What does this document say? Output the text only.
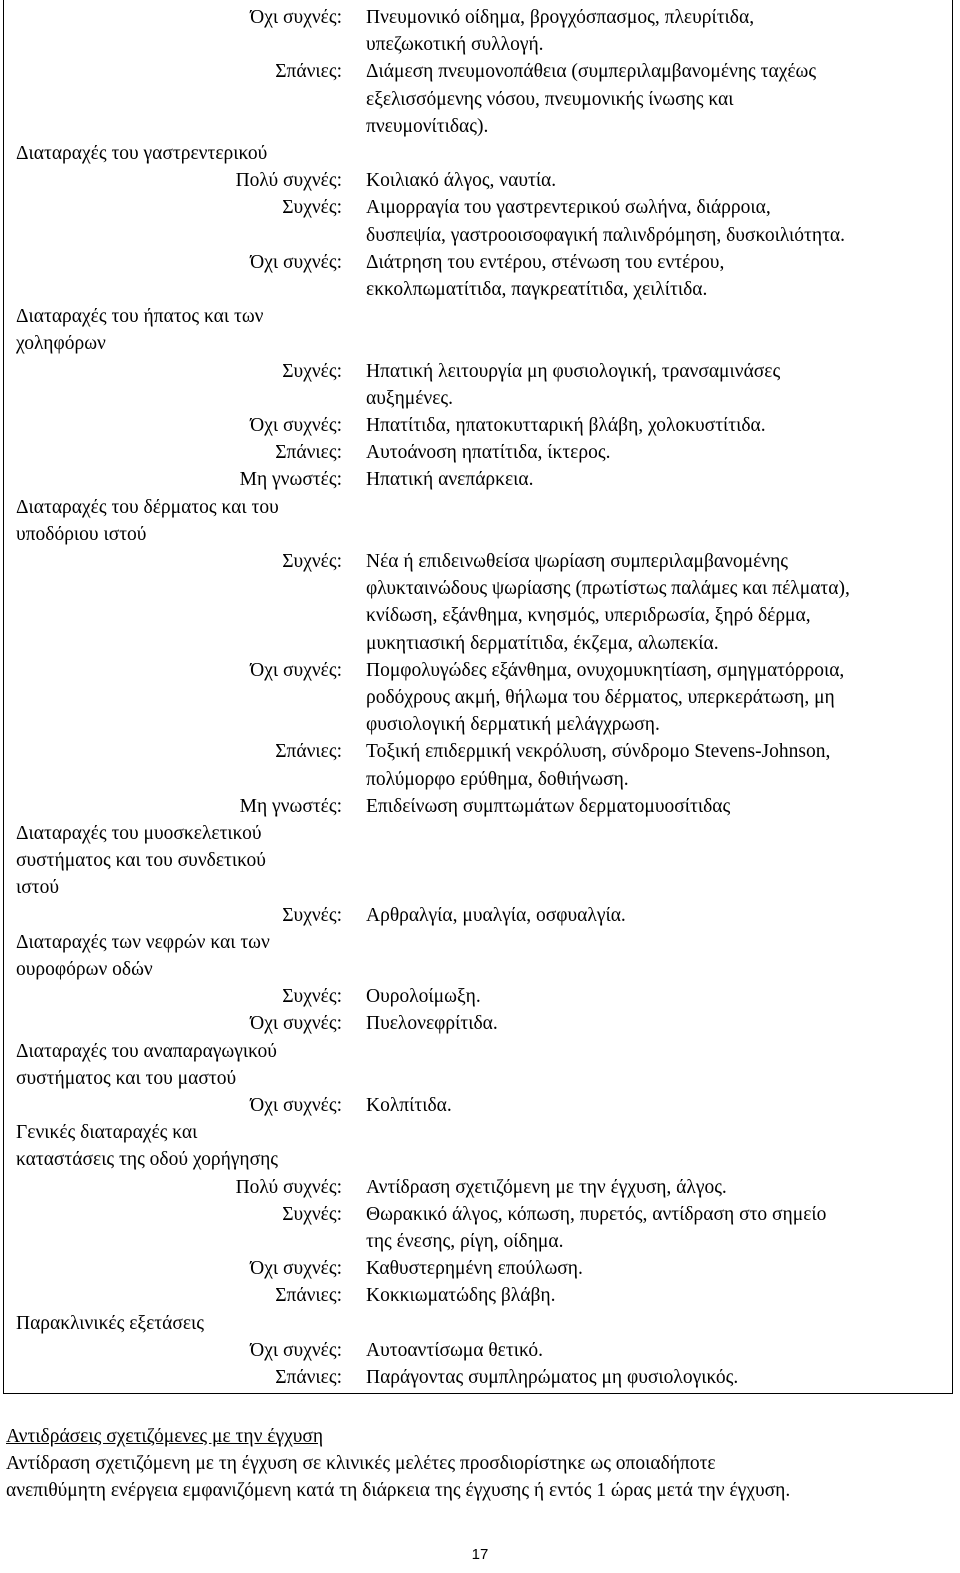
Όχι συχνές: Πνευμονικό οίδημα, βρογχόσπασμος, πλευρίτιδα,
υπεζωκοτική συλλογή.
Σπάνιες: Διάμεση πνευμονοπάθεια (συμπεριλαμβανομένης ταχέως
εξελισσόμενης νόσου, πνευμονικής ίνωσης και
πνευμονίτιδας).
Διαταραχές του γαστρεντερικού
Πολύ συχνές: Κοιλιακό άλγος, ναυτία.
Συχνές: Αιμορραγία του γαστρεντερικού σωλήνα, διάρροια,
δυσπεψία, γαστροοισοφαγική παλινδρόμηση, δυσκοιλιότητα.
Όχι συχνές: Διάτρηση του εντέρου, στένωση του εντέρου,
εκκολπωματίτιδα, παγκρεατίτιδα, χειλίτιδα.
Διαταραχές του ήπατος και των
χοληφόρων
Συχνές: Ηπατική λειτουργία μη φυσιολογική, τρανσαμινάσες
αυξημένες.
Όχι συχνές: Ηπατίτιδα, ηπατοκυτταρική βλάβη, χολοκυστίτιδα.
Σπάνιες: Αυτοάνοση ηπατίτιδα, ίκτερος.
Μη γνωστές: Ηπατική ανεπάρκεια.
Διαταραχές του δέρματος και του
υποδόριου ιστού
Συχνές: Νέα ή επιδεινωθείσα ψωρίαση συμπεριλαμβανομένης
φλυκταινώδους ψωρίασης (πρωτίστως παλάμες και πέλματα),
κνίδωση, εξάνθημα, κνησμός, υπεριδρωσία, ξηρό δέρμα,
μυκητιασική δερματίτιδα, έκζεμα, αλωπεκία.
Όχι συχνές: Πομφολυγώδες εξάνθημα, ονυχομυκητίαση, σμηγματόρροια,
ροδόχρους ακμή, θήλωμα του δέρματος, υπερκεράτωση, μη
φυσιολογική δερματική μελάγχρωση.
Σπάνιες: Τοξική επιδερμική νεκρόλυση, σύνδρομο Stevens-Johnson,
πολύμορφο ερύθημα, δοθιήνωση.
Μη γνωστές: Επιδείνωση συμπτωμάτων δερματομυοσίτιδας
Διαταραχές του μυοσκελετικού
συστήματος και του συνδετικού
ιστού
Συχνές: Αρθραλγία, μυαλγία, οσφυαλγία.
Διαταραχές των νεφρών και των
ουροφόρων οδών
Συχνές: Ουρολοίμωξη.
Όχι συχνές: Πυελονεφρίτιδα.
Διαταραχές του αναπαραγωγικού
συστήματος και του μαστού
Όχι συχνές: Κολπίτιδα.
Γενικές διαταραχές και
καταστάσεις της οδού χορήγησης
Πολύ συχνές: Αντίδραση σχετιζόμενη με την έγχυση, άλγος.
Συχνές: Θωρακικό άλγος, κόπωση, πυρετός, αντίδραση στο σημείο
της ένεσης, ρίγη, οίδημα.
Όχι συχνές: Καθυστερημένη επούλωση.
Σπάνιες: Κοκκιωματώδης βλάβη.
Παρακλινικές εξετάσεις
Όχι συχνές: Αυτοαντίσωμα θετικό.
Σπάνιες: Παράγοντας συμπληρώματος μη φυσιολογικός.
Αντιδράσεις σχετιζόμενες με την έγχυση
Αντίδραση σχετιζόμενη με τη έγχυση σε κλινικές μελέτες προσδιορίστηκε ως οποιαδήποτε
ανεπιθύμητη ενέργεια εμφανιζόμενη κατά τη διάρκεια της έγχυσης ή εντός 1 ώρας μετά την έγχυση.
17
